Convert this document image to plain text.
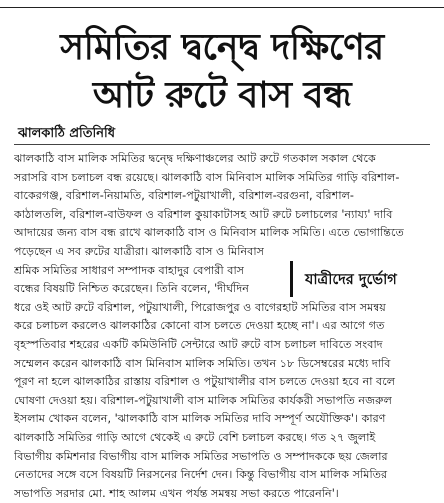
সমিতির দ্বন্দ্বে দক্ষিণের
আট রুটে বাস বন্ধ
ঝালকাঠি প্রতিনিধি
ঝালকাঠি বাস মালিক সমিতির দ্বন্দ্বে দক্ষিণাঞ্চলের আট রুটে গতকাল সকাল থেকে
সরাসরি বাস চলাচল বন্ধ রয়েছে। ঝালকাঠি বাস মিনিবাস মালিক সমিতির গাড়ি বরিশাল-
বাকেরগঞ্জ, বরিশাল-নিয়ামতি, বরিশাল-পটুয়াখালী, বরিশাল-বরগুনা, বরিশাল-
কাঠালতলি, বরিশাল-বাউফল ও বরিশাল কুয়াকাটাসহ আট রুটে চলাচলের 'ন্যায্য' দাবি
আদায়ের জন্য বাস বন্ধ রাখে ঝালকাঠি বাস ও মিনিবাস মালিক সমিতি। এতে ভোগান্তিতে
পড়েছেন এ সব রুটের যাত্রীরা। ঝালকাঠি বাস ও মিনিবাস
শ্রমিক সমিতির সাধারণ সম্পাদক বাহাদুর বেপারী বাস
বন্ধের বিষয়টি নিশ্চিত করেছেন। তিনি বলেন, 'দীর্ঘদিন
ধরে ওই আট রুটে বরিশাল, পটুয়াখালী, পিরোজপুর ও বাগেরহাট সমিতির বাস সমন্বয়
করে চলাচল করলেও ঝালকাঠির কোনো বাস চলতে দেওয়া হচ্ছে না'। এর আগে গত
বৃহস্পতিবার শহরের একটি কমিউনিটি সেন্টারে আট রুটে বাস চলাচল দাবিতে সংবাদ
সম্মেলন করেন ঝালকাঠি বাস মিনিবাস মালিক সমিতি। তখন ১৮ ডিসেম্বরের মধ্যে দাবি
পূরণ না হলে ঝালকাঠির রাস্তায় বরিশাল ও পটুয়াখালীর বাস চলতে দেওয়া হবে না বলে
ঘোষণা দেওয়া হয়। বরিশাল-পটুয়াখালী বাস মালিক সমিতির কার্যকরী সভাপতি নজরুল
ইসলাম খোকন বলেন, 'ঝালকাঠি বাস মালিক সমিতির দাবি সম্পূর্ণ অযৌক্তিক'। কারণ
ঝালকাঠি সমিতির গাড়ি আগে থেকেই এ রুটে বেশি চলাচল করছে। গত ২৭ জুলাই
বিভাগীয় কমিশনার বিভাগীয় বাস মালিক সমিতির সভাপতি ও সম্পাদককে ছয় জেলার
নেতাদের সঙ্গে বসে বিষয়টি নিরসনের নির্দেশ দেন। কিন্তু বিভাগীয় বাস মালিক সমিতির
সভাপতি সরদার মো. শাহ আলম এখন পর্যন্ত সমন্বয় সভা করতে পারেননি'।
যাত্রীদের দুর্ভোগ
